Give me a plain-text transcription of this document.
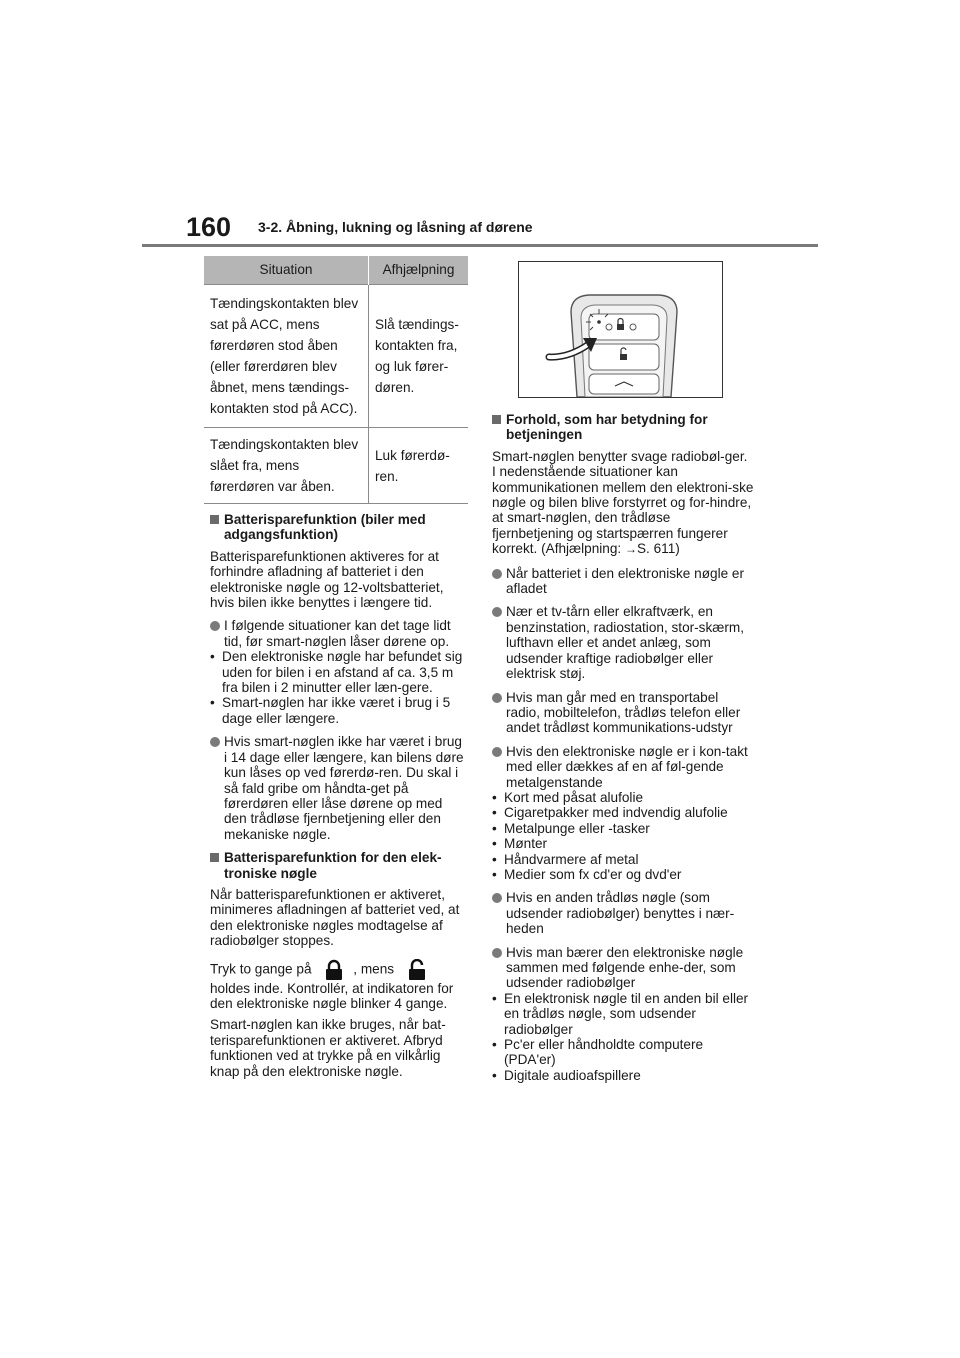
160 3-2. Åbning, lukning og låsning af dørene
Situation	Afhjælpning
Tændingskontakten blev sat på ACC, mens førerdøren stod åben (eller førerdøren blev åbnet, mens tændings-kontakten stod på ACC).	Slå tændings-kontakten fra, og luk fører-døren.
Tændingskontakten blev slået fra, mens førerdøren var åben.	Luk førerdø-ren.
Batterisparefunktion (biler med adgangsfunktion)
Batterisparefunktionen aktiveres for at forhindre afladning af batteriet i den elektroniske nøgle og 12-voltsbatteriet, hvis bilen ikke benyttes i længere tid.
I følgende situationer kan det tage lidt tid, før smart-nøglen låser dørene op.
• Den elektroniske nøgle har befundet sig uden for bilen i en afstand af ca. 3,5 m fra bilen i 2 minutter eller læn-gere.
• Smart-nøglen har ikke været i brug i 5 dage eller længere.
Hvis smart-nøglen ikke har været i brug i 14 dage eller længere, kan bilens døre kun låses op ved førerdø-ren. Du skal i så fald gribe om håndta-get på førerdøren eller låse dørene op med den trådløse fjernbetjening eller den mekaniske nøgle.
Batterisparefunktion for den elek-troniske nøgle
Når batterisparefunktionen er aktiveret, minimeres afladningen af batteriet ved, at den elektroniske nøgles modtagelse af radiobølger stoppes.
Tryk to gange på	, mens  holdes inde. Kontrollér, at indikatoren for den elektroniske nøgle blinker 4 gange.
Smart-nøglen kan ikke bruges, når bat-terisparefunktionen er aktiveret. Afbryd funktionen ved at trykke på en vilkårlig knap på den elektroniske nøgle.
Forhold, som har betydning for betjeningen
Smart-nøglen benytter svage radiobøl-ger. I nedenstående situationer kan kommunikationen mellem den elektroni-ske nøgle og bilen blive forstyrret og for-hindre, at smart-nøglen, den trådløse fjernbetjening og startspærren fungerer korrekt. (Afhjælpning: →S. 611)
Når batteriet i den elektroniske nøgle er afladet
Nær et tv-tårn eller elkraftværk, en benzinstation, radiostation, stor-skærm, lufthavn eller et andet anlæg, som udsender kraftige radiobølger eller elektrisk støj.
Hvis man går med en transportabel radio, mobiltelefon, trådløs telefon eller andet trådløst kommunikations-udstyr
Hvis den elektroniske nøgle er i kon-takt med eller dækkes af en af føl-gende metalgenstande
• Kort med påsat alufolie
• Cigaretpakker med indvendig alufolie
• Metalpunge eller -tasker
• Mønter
• Håndvarmere af metal
• Medier som fx cd'er og dvd'er
Hvis en anden trådløs nøgle (som udsender radiobølger) benyttes i nær-heden
Hvis man bærer den elektroniske nøgle sammen med følgende enhe-der, som udsender radiobølger
• En elektronisk nøgle til en anden bil eller en trådløs nøgle, som udsender radiobølger
• Pc'er eller håndholdte computere (PDA'er)
• Digitale audioafspillere
